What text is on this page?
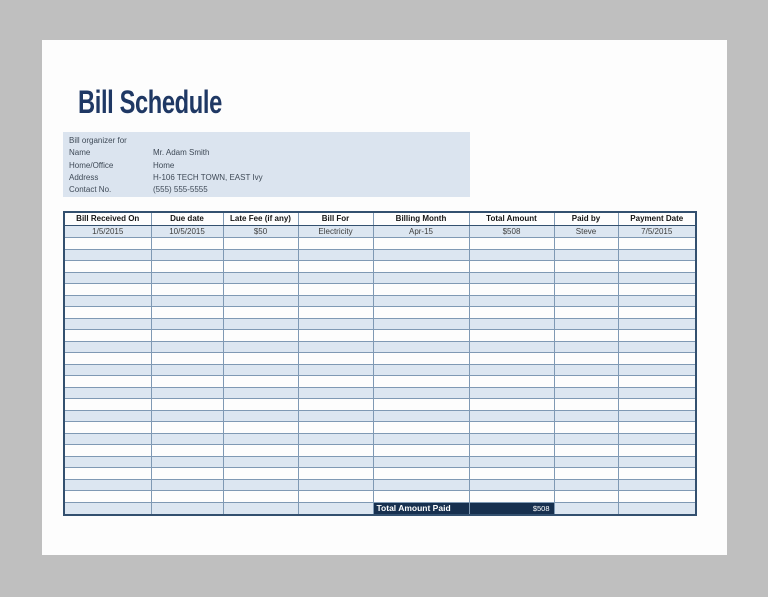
Bill Schedule
Bill organizer for
Name	Mr. Adam Smith
Home/Office	Home
Address	H-106 TECH TOWN, EAST Ivy
Contact No.	(555) 555-5555
Bill Received On	Due date	Late Fee (if any)	Bill For	Billing Month	Total Amount	Paid by	Payment Date
1/5/2015	10/5/2015	$50	Electricity	Apr-15	$508	Steve	7/5/2015

				Total Amount Paid	$508		
